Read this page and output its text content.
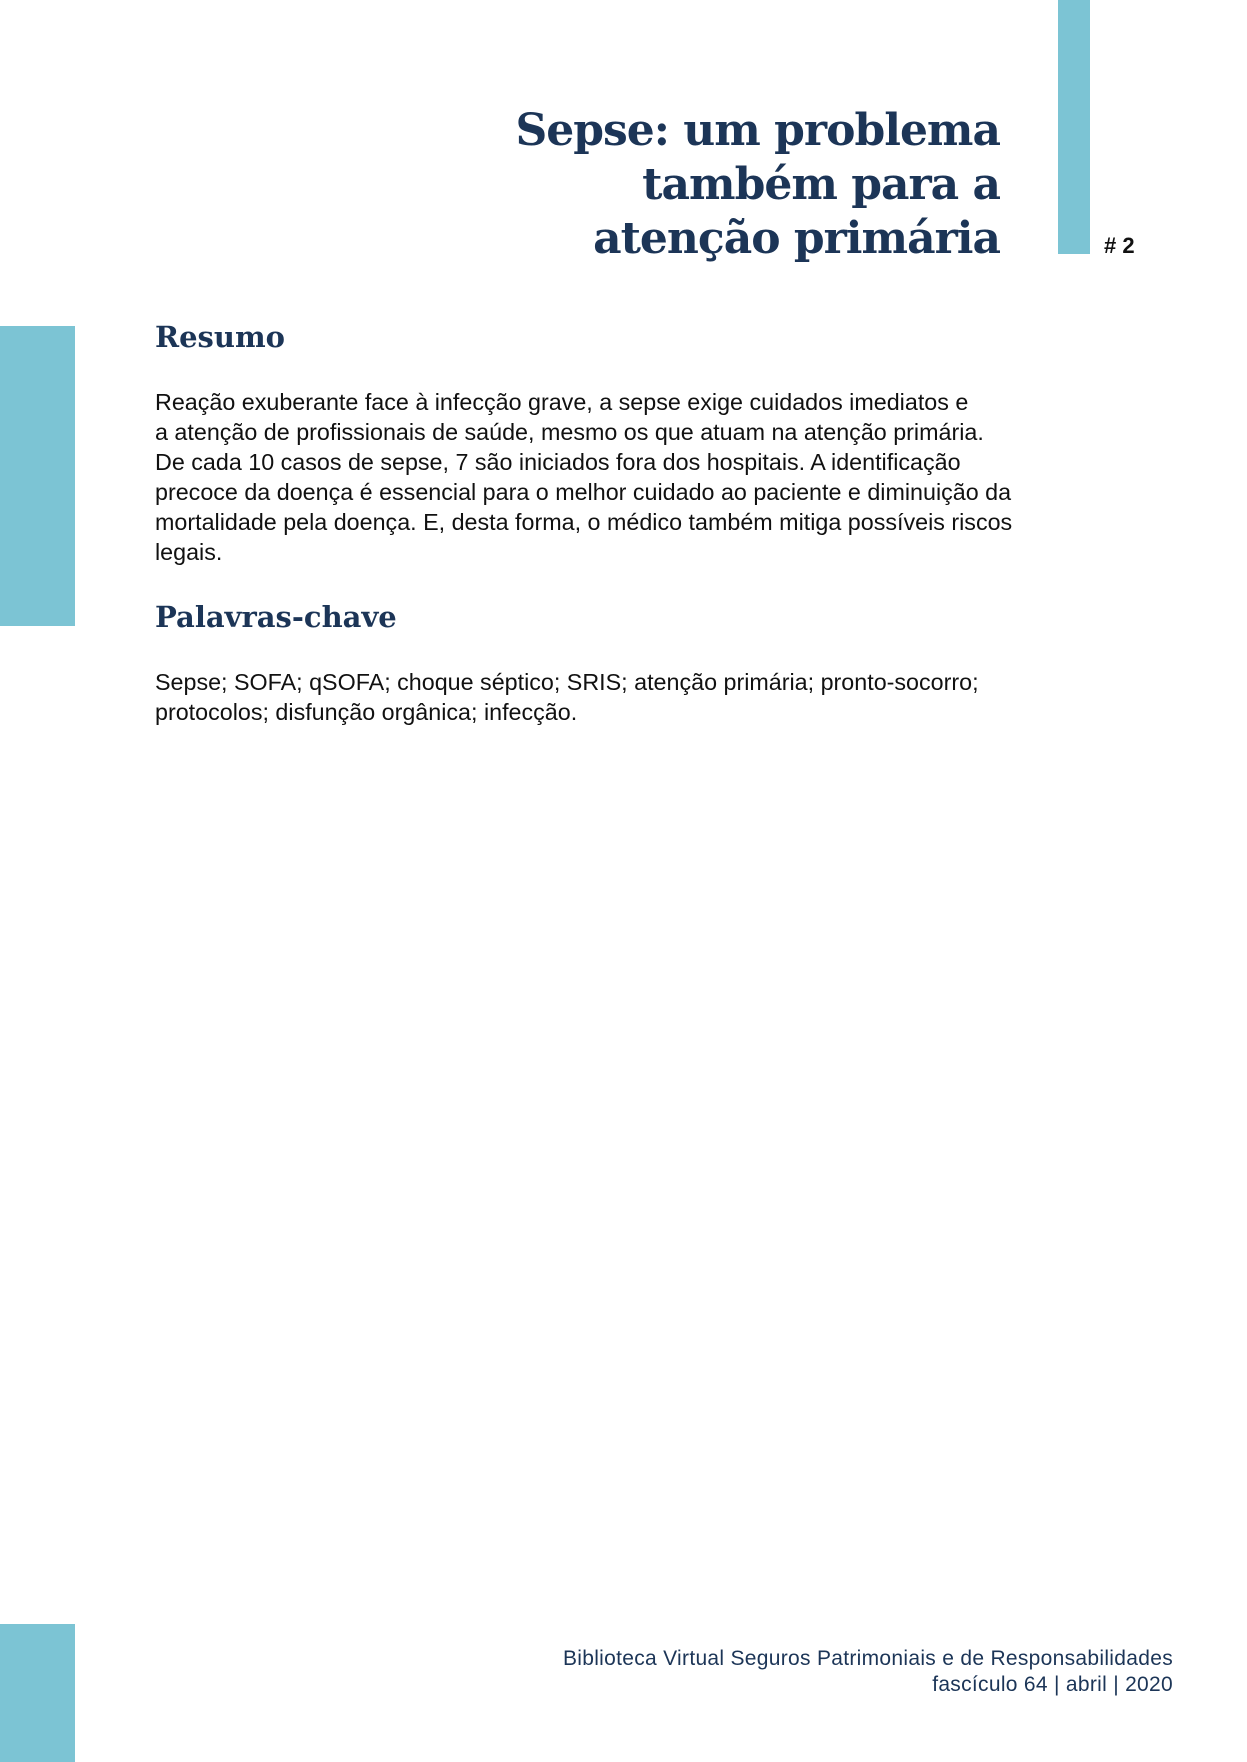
Sepse: um problema
também para a
atenção primária	# 2
Resumo

Reação exuberante face à infecção grave, a sepse exige cuidados imediatos e
a atenção de profissionais de saúde, mesmo os que atuam na atenção primária.
De cada 10 casos de sepse, 7 são iniciados fora dos hospitais. A identificação
precoce da doença é essencial para o melhor cuidado ao paciente e diminuição da
mortalidade pela doença. E, desta forma, o médico também mitiga possíveis riscos
legais.

Palavras-chave

Sepse; SOFA; qSOFA; choque séptico; SRIS; atenção primária; pronto-socorro;
protocolos; disfunção orgânica; infecção.

Biblioteca Virtual Seguros Patrimoniais e de Responsabilidades
fascículo 64 | abril | 2020
